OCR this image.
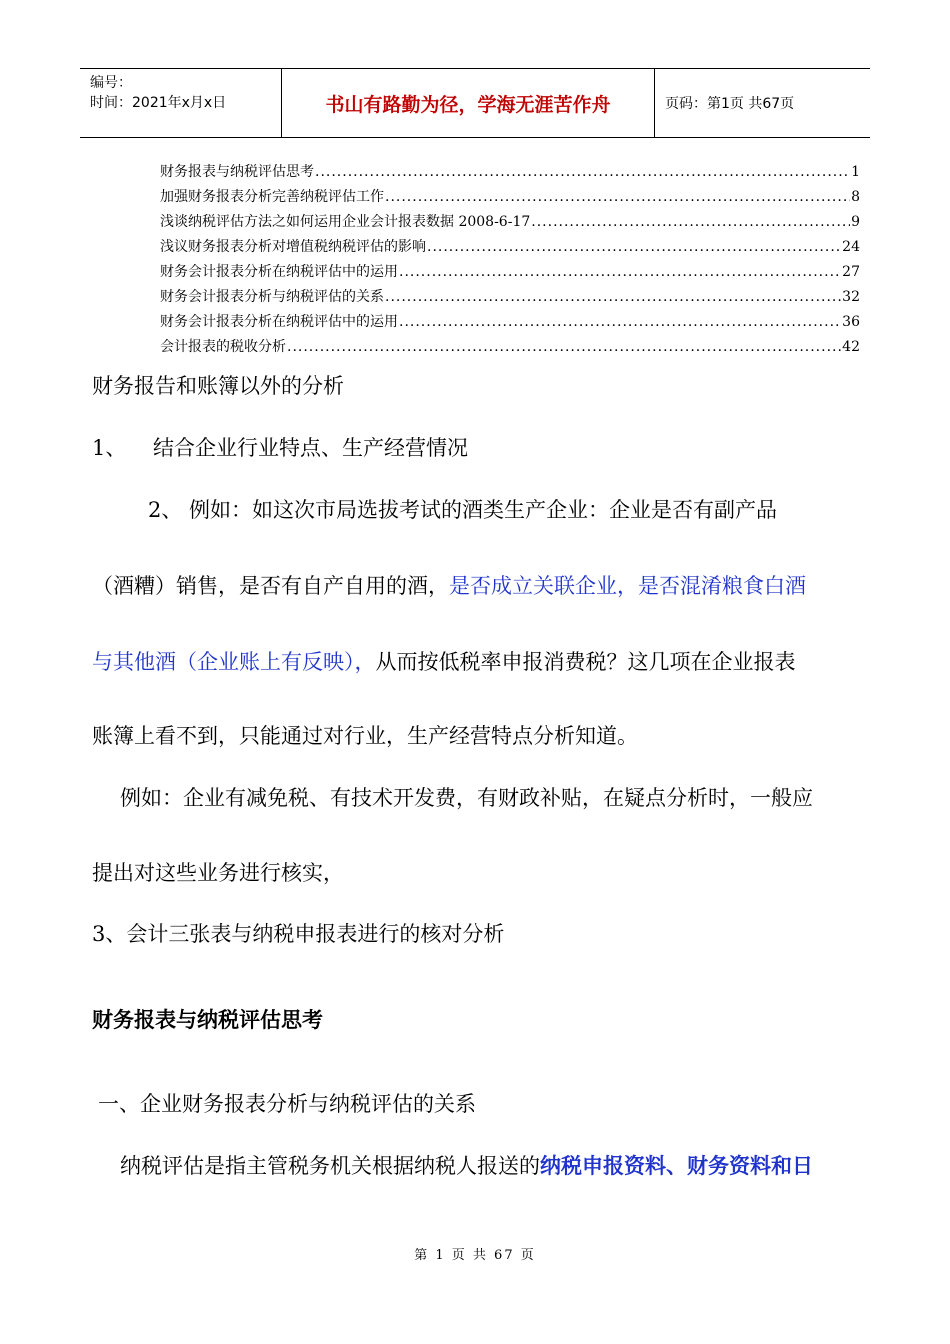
编号：
时间：2021年x月x日	书山有路勤为径，学海无涯苦作舟	页码：第1页 共67页
财务报表与纳税评估思考 .....	1
加强财务报表分析完善纳税评估工作 .....	8
浅谈纳税评估方法之如何运用企业会计报表数据 2008-6-17 .....	9
浅议财务报表分析对增值税纳税评估的影响 .....	24
财务会计报表分析在纳税评估中的运用 .....	27
财务会计报表分析与纳税评估的关系 .....	32
财务会计报表分析在纳税评估中的运用 .....	36
会计报表的税收分析 .....	42
财务报告和账簿以外的分析
1、    结合企业行业特点、生产经营情况
2、 例如：如这次市局选拔考试的酒类生产企业：企业是否有副产品
（酒糟）销售，是否有自产自用的酒，是否成立关联企业，是否混淆粮食白酒
与其他酒（企业账上有反映），从而按低税率申报消费税？这几项在企业报表
账簿上看不到，只能通过对行业，生产经营特点分析知道。
例如：企业有减免税、有技术开发费，有财政补贴，在疑点分析时，一般应
提出对这些业务进行核实，
3、会计三张表与纳税申报表进行的核对分析
财务报表与纳税评估思考
一、企业财务报表分析与纳税评估的关系
纳税评估是指主管税务机关根据纳税人报送的纳税申报资料、财务资料和日
第 1 页 共 67 页
